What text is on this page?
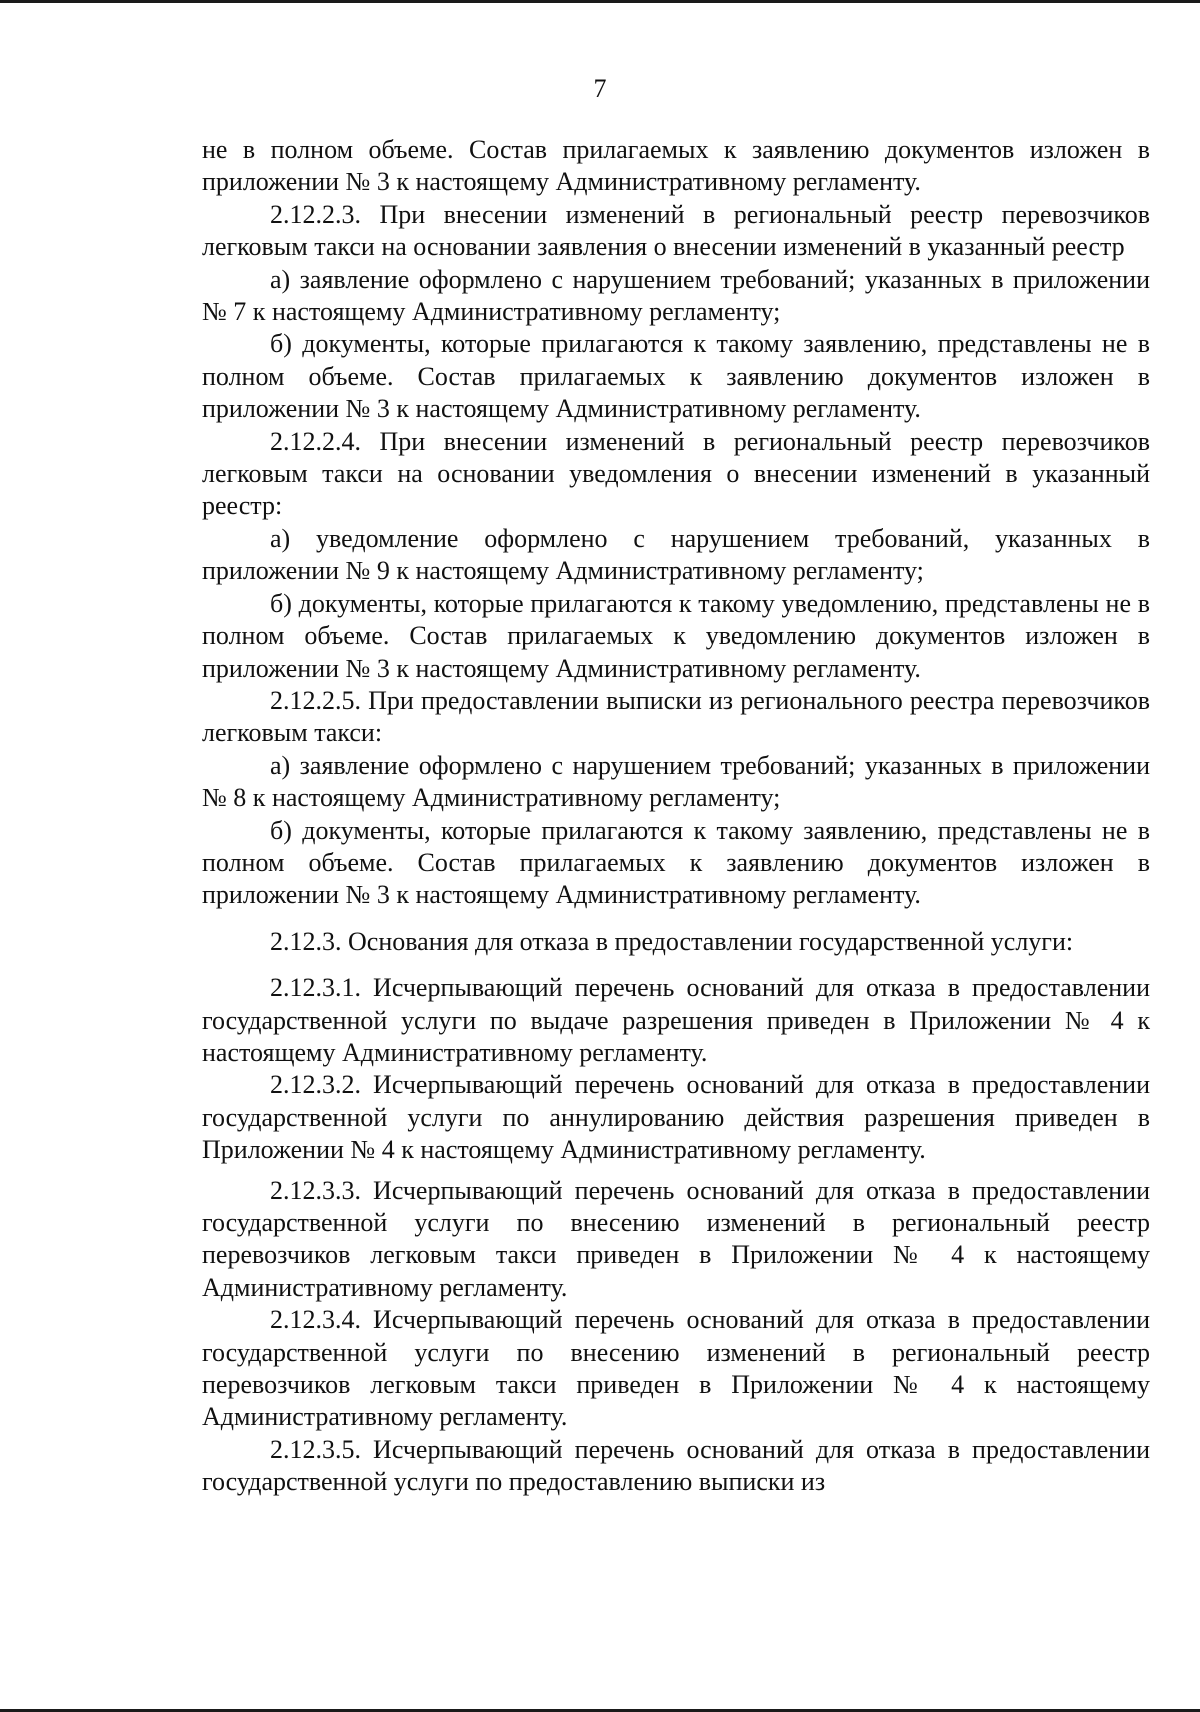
7

не в полном объеме. Состав прилагаемых к заявлению документов изложен в приложении № 3 к настоящему Административному регламенту.

2.12.2.3. При внесении изменений в региональный реестр перевозчиков легковым такси на основании заявления о внесении изменений в указанный реестр

а) заявление оформлено с нарушением требований; указанных в приложении № 7 к настоящему Административному регламенту;

б) документы, которые прилагаются к такому заявлению, представлены не в полном объеме. Состав прилагаемых к заявлению документов изложен в приложении № 3 к настоящему Административному регламенту.

2.12.2.4. При внесении изменений в региональный реестр перевозчиков легковым такси на основании уведомления о внесении изменений в указанный реестр:

а) уведомление оформлено с нарушением требований, указанных в приложении № 9 к настоящему Административному регламенту;

б) документы, которые прилагаются к такому уведомлению, представлены не в полном объеме. Состав прилагаемых к уведомлению документов изложен в приложении № 3 к настоящему Административному регламенту.

2.12.2.5. При предоставлении выписки из регионального реестра перевозчиков легковым такси:

а) заявление оформлено с нарушением требований; указанных в приложении № 8 к настоящему Административному регламенту;

б) документы, которые прилагаются к такому заявлению, представлены не в полном объеме. Состав прилагаемых к заявлению документов изложен в приложении № 3 к настоящему Административному регламенту.

2.12.3. Основания для отказа в предоставлении государственной услуги:

2.12.3.1. Исчерпывающий перечень оснований для отказа в предоставлении государственной услуги по выдаче разрешения приведен в Приложении № 4 к настоящему Административному регламенту.

2.12.3.2. Исчерпывающий перечень оснований для отказа в предоставлении государственной услуги по аннулированию действия разрешения приведен в Приложении № 4 к настоящему Административному регламенту.

2.12.3.3. Исчерпывающий перечень оснований для отказа в предоставлении государственной услуги по внесению изменений в региональный реестр перевозчиков легковым такси приведен в Приложении № 4 к настоящему Административному регламенту.

2.12.3.4. Исчерпывающий перечень оснований для отказа в предоставлении государственной услуги по внесению изменений в региональный реестр перевозчиков легковым такси приведен в Приложении № 4 к настоящему Административному регламенту.

2.12.3.5. Исчерпывающий перечень оснований для отказа в предоставлении государственной услуги по предоставлению выписки из
